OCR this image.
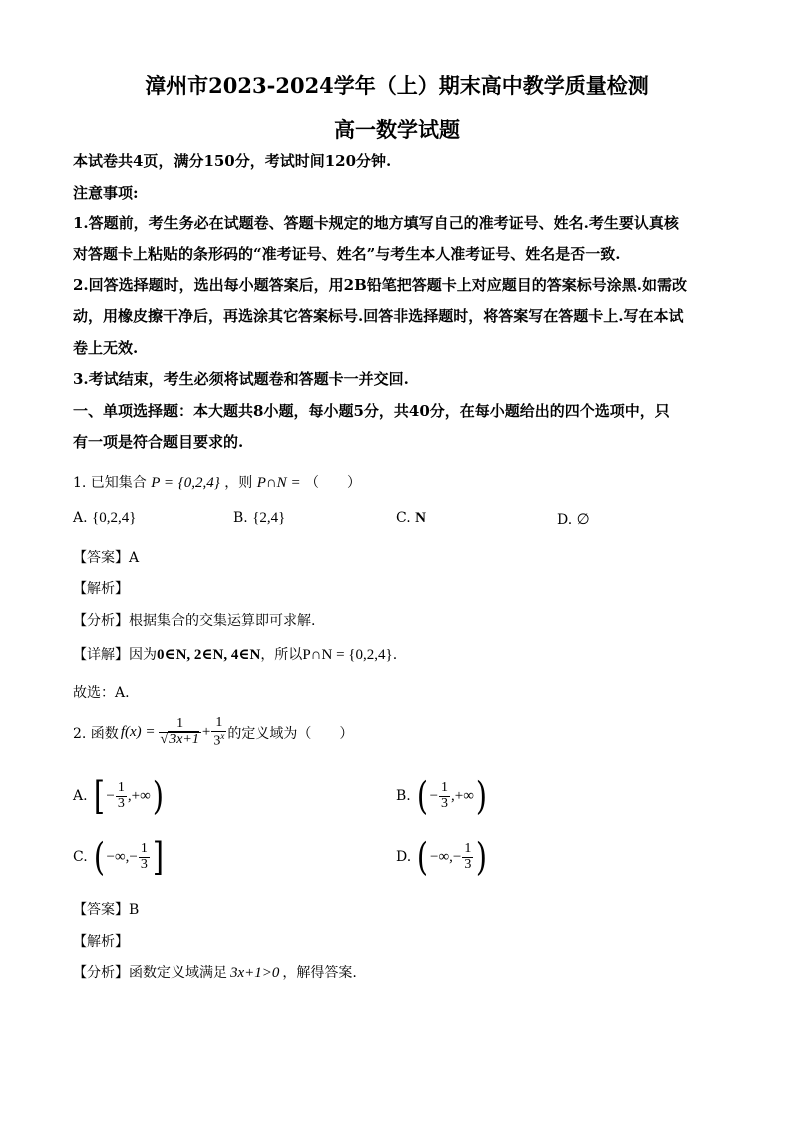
漳州市2023-2024学年（上）期末高中教学质量检测
高一数学试题
本试卷共4页，满分150分，考试时间120分钟.
注意事项:
1.答题前，考生务必在试题卷、答题卡规定的地方填写自己的准考证号、姓名.考生要认真核
对答题卡上粘贴的条形码的“准考证号、姓名”与考生本人准考证号、姓名是否一致.
2.回答选择题时，选出每小题答案后，用2B铅笔把答题卡上对应题目的答案标号涂黑.如需改
动，用橡皮擦干净后，再选涂其它答案标号.回答非选择题时，将答案写在答题卡上.写在本试
卷上无效.
3.考试结束，考生必须将试题卷和答题卡一并交回.
一、单项选择题：本大题共8小题，每小题5分，共40分，在每小题给出的四个选项中，只
有一项是符合题目要求的.
1. 已知集合 P = {0,2,4} ，则 P∩N = （　　）
A. {0,2,4}	B. {2,4}	C. N	D. ∅
【答案】A
【解析】
【分析】根据集合的交集运算即可求解.
【详解】因为0∈N, 2∈N, 4∈N，所以P∩N = {0,2,4}.
故选：A.
2. 函数 $f(x) = \frac{1}{√3x+1} + \frac{1}{3^x}$ 的定义域为（　　）
A. [ − $\frac{1}{3}$ ,+∞ )	B. ( − $\frac{1}{3}$ ,+∞ )
C. ( −∞,− $\frac{1}{3}$ ]	D. ( −∞,− $\frac{1}{3}$ )
【答案】B
【解析】
【分析】函数定义域满足 3x+1>0 ，解得答案.
